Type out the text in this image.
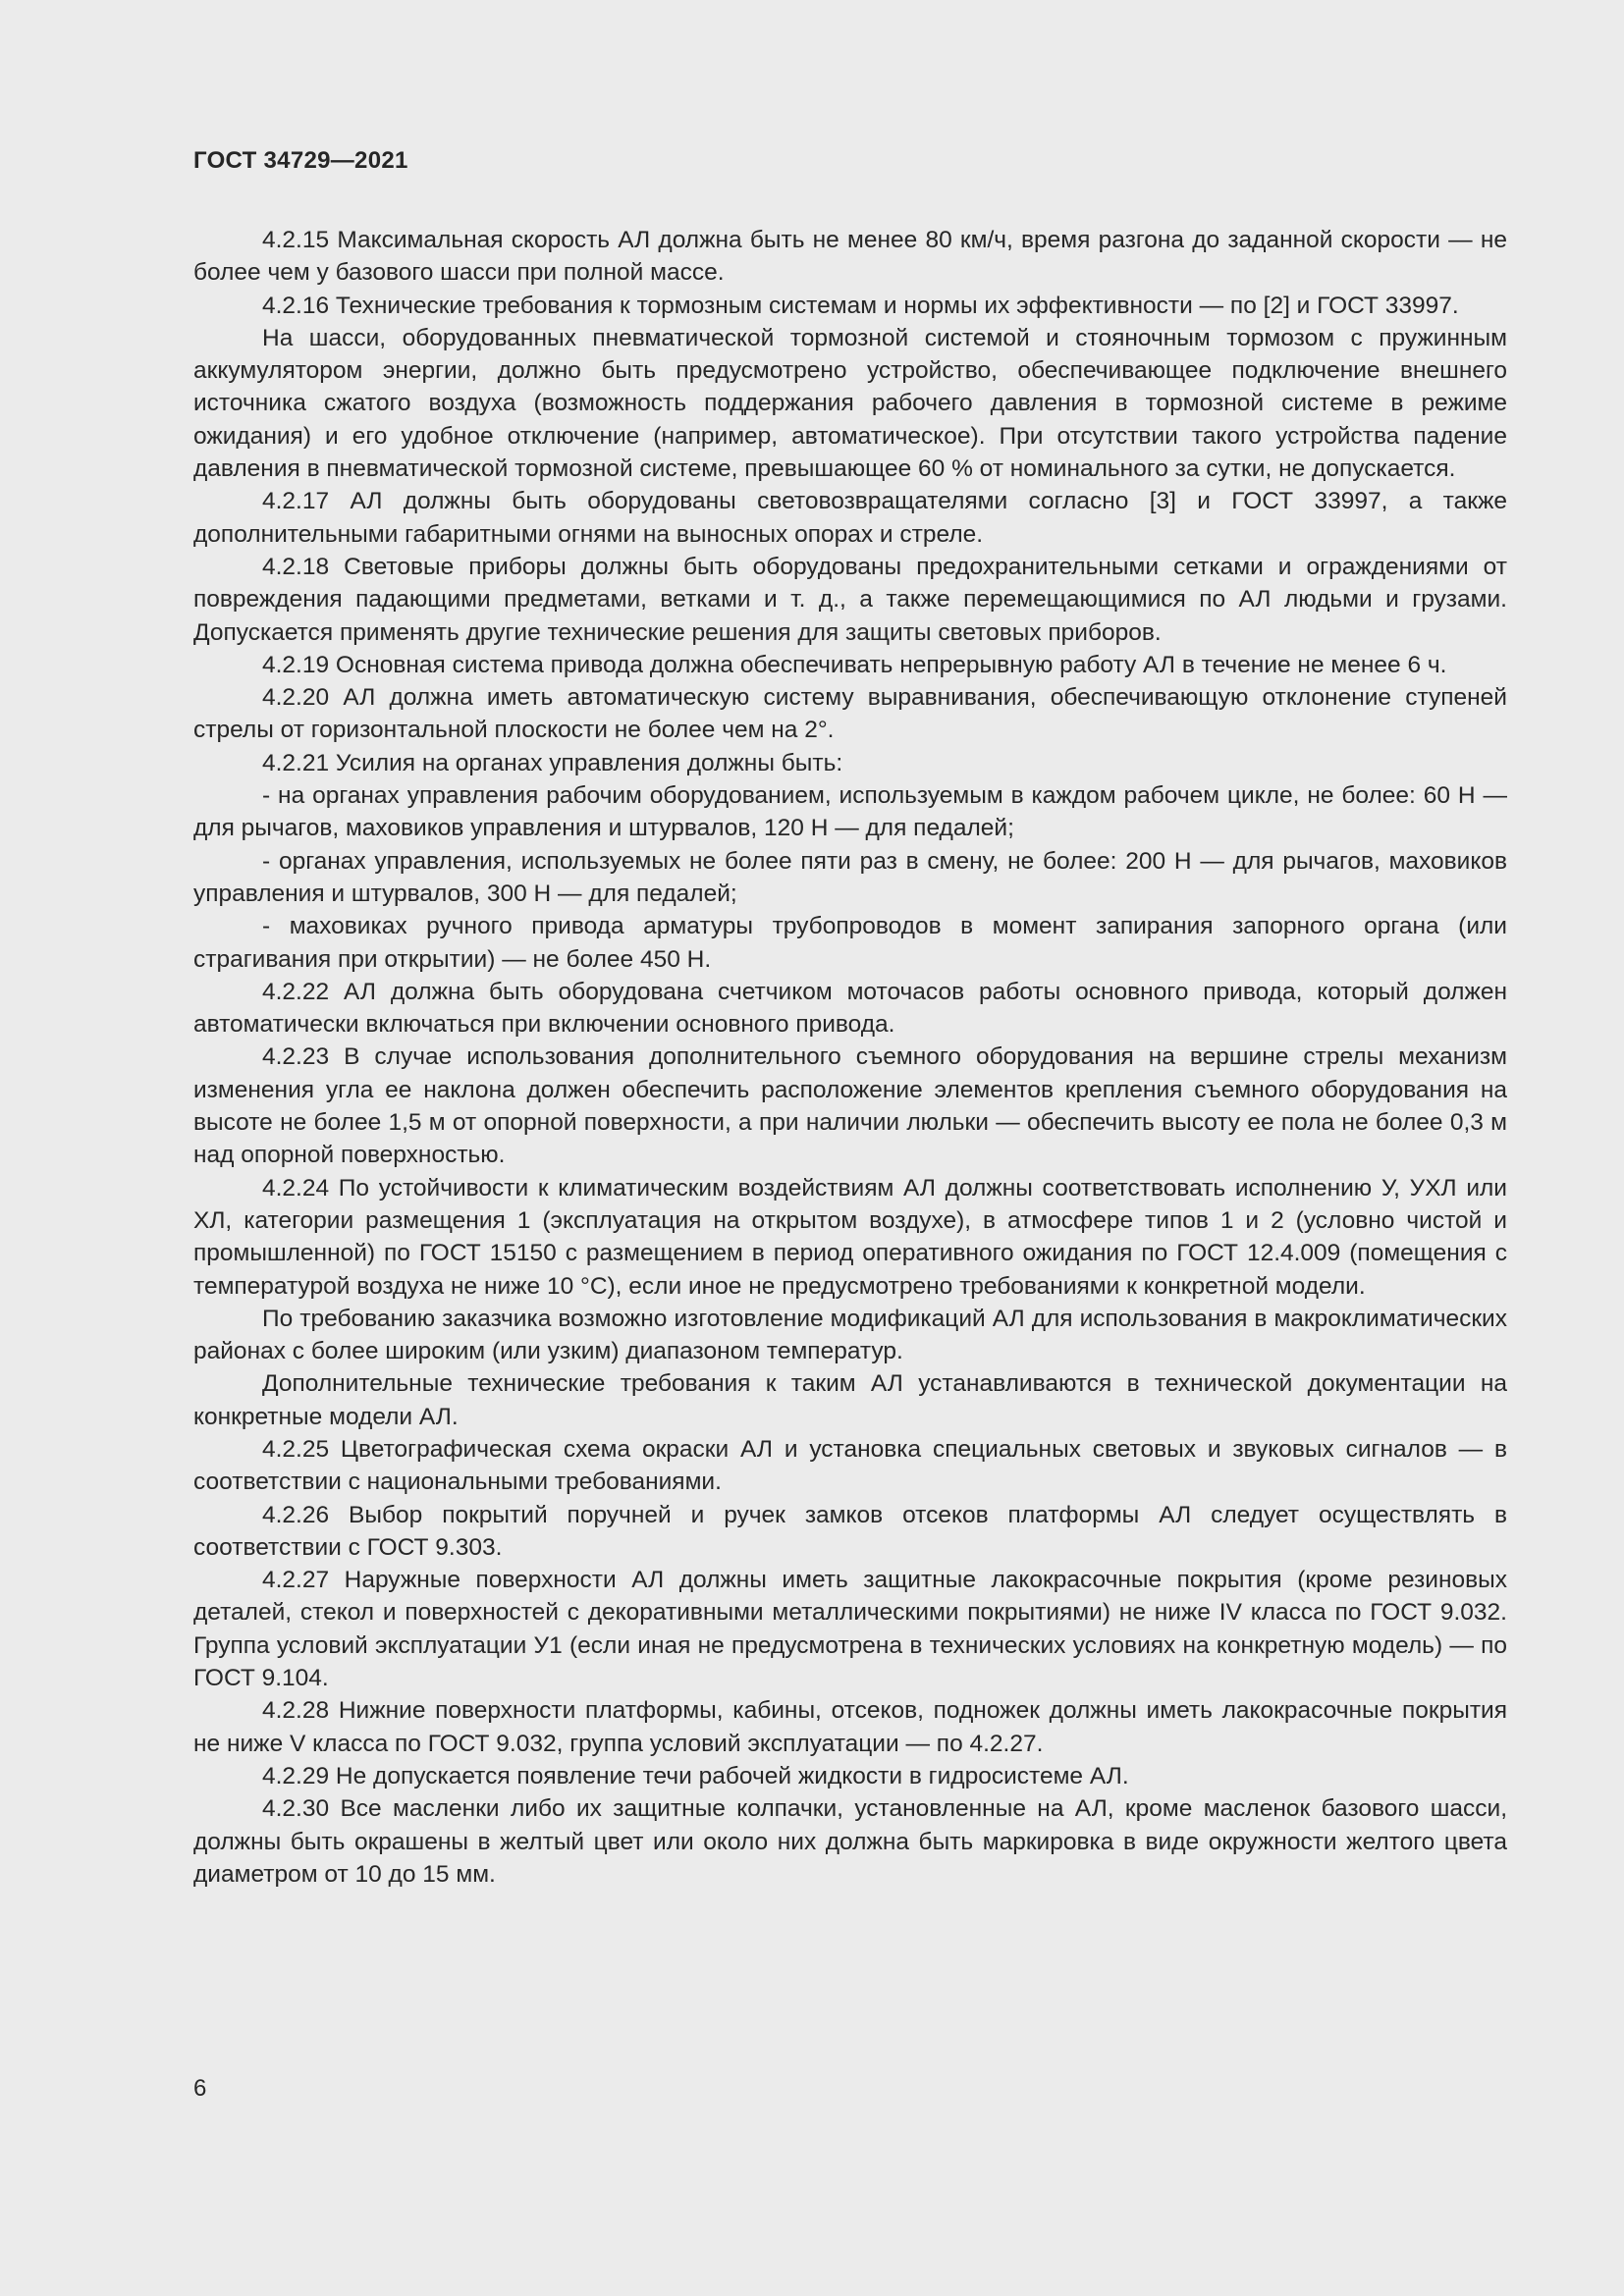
ГОСТ 34729—2021

4.2.15 Максимальная скорость АЛ должна быть не менее 80 км/ч, время разгона до заданной скорости — не более чем у базового шасси при полной массе.

4.2.16 Технические требования к тормозным системам и нормы их эффективности — по [2] и ГОСТ 33997.

На шасси, оборудованных пневматической тормозной системой и стояночным тормозом с пружинным аккумулятором энергии, должно быть предусмотрено устройство, обеспечивающее подключение внешнего источника сжатого воздуха (возможность поддержания рабочего давления в тормозной системе в режиме ожидания) и его удобное отключение (например, автоматическое). При отсутствии такого устройства падение давления в пневматической тормозной системе, превышающее 60 % от номинального за сутки, не допускается.

4.2.17 АЛ должны быть оборудованы световозвращателями согласно [3] и ГОСТ 33997, а также дополнительными габаритными огнями на выносных опорах и стреле.

4.2.18 Световые приборы должны быть оборудованы предохранительными сетками и ограждениями от повреждения падающими предметами, ветками и т. д., а также перемещающимися по АЛ людьми и грузами. Допускается применять другие технические решения для защиты световых приборов.

4.2.19 Основная система привода должна обеспечивать непрерывную работу АЛ в течение не менее 6 ч.

4.2.20 АЛ должна иметь автоматическую систему выравнивания, обеспечивающую отклонение ступеней стрелы от горизонтальной плоскости не более чем на 2°.

4.2.21 Усилия на органах управления должны быть:

- на органах управления рабочим оборудованием, используемым в каждом рабочем цикле, не более: 60 Н — для рычагов, маховиков управления и штурвалов, 120 Н — для педалей;

- органах управления, используемых не более пяти раз в смену, не более: 200 Н — для рычагов, маховиков управления и штурвалов, 300 Н — для педалей;

- маховиках ручного привода арматуры трубопроводов в момент запирания запорного органа (или страгивания при открытии) — не более 450 Н.

4.2.22 АЛ должна быть оборудована счетчиком моточасов работы основного привода, который должен автоматически включаться при включении основного привода.

4.2.23 В случае использования дополнительного съемного оборудования на вершине стрелы механизм изменения угла ее наклона должен обеспечить расположение элементов крепления съемного оборудования на высоте не более 1,5 м от опорной поверхности, а при наличии люльки — обеспечить высоту ее пола не более 0,3 м над опорной поверхностью.

4.2.24 По устойчивости к климатическим воздействиям АЛ должны соответствовать исполнению У, УХЛ или ХЛ, категории размещения 1 (эксплуатация на открытом воздухе), в атмосфере типов 1 и 2 (условно чистой и промышленной) по ГОСТ 15150 с размещением в период оперативного ожидания по ГОСТ 12.4.009 (помещения с температурой воздуха не ниже 10 °С), если иное не предусмотрено требованиями к конкретной модели.

По требованию заказчика возможно изготовление модификаций АЛ для использования в макроклиматических районах с более широким (или узким) диапазоном температур.

Дополнительные технические требования к таким АЛ устанавливаются в технической документации на конкретные модели АЛ.

4.2.25 Цветографическая схема окраски АЛ и установка специальных световых и звуковых сигналов — в соответствии с национальными требованиями.

4.2.26 Выбор покрытий поручней и ручек замков отсеков платформы АЛ следует осуществлять в соответствии с ГОСТ 9.303.

4.2.27 Наружные поверхности АЛ должны иметь защитные лакокрасочные покрытия (кроме резиновых деталей, стекол и поверхностей с декоративными металлическими покрытиями) не ниже IV класса по ГОСТ 9.032. Группа условий эксплуатации У1 (если иная не предусмотрена в технических условиях на конкретную модель) — по ГОСТ 9.104.

4.2.28 Нижние поверхности платформы, кабины, отсеков, подножек должны иметь лакокрасочные покрытия не ниже V класса по ГОСТ 9.032, группа условий эксплуатации — по 4.2.27.

4.2.29 Не допускается появление течи рабочей жидкости в гидросистеме АЛ.

4.2.30 Все масленки либо их защитные колпачки, установленные на АЛ, кроме масленок базового шасси, должны быть окрашены в желтый цвет или около них должна быть маркировка в виде окружности желтого цвета диаметром от 10 до 15 мм.

6
